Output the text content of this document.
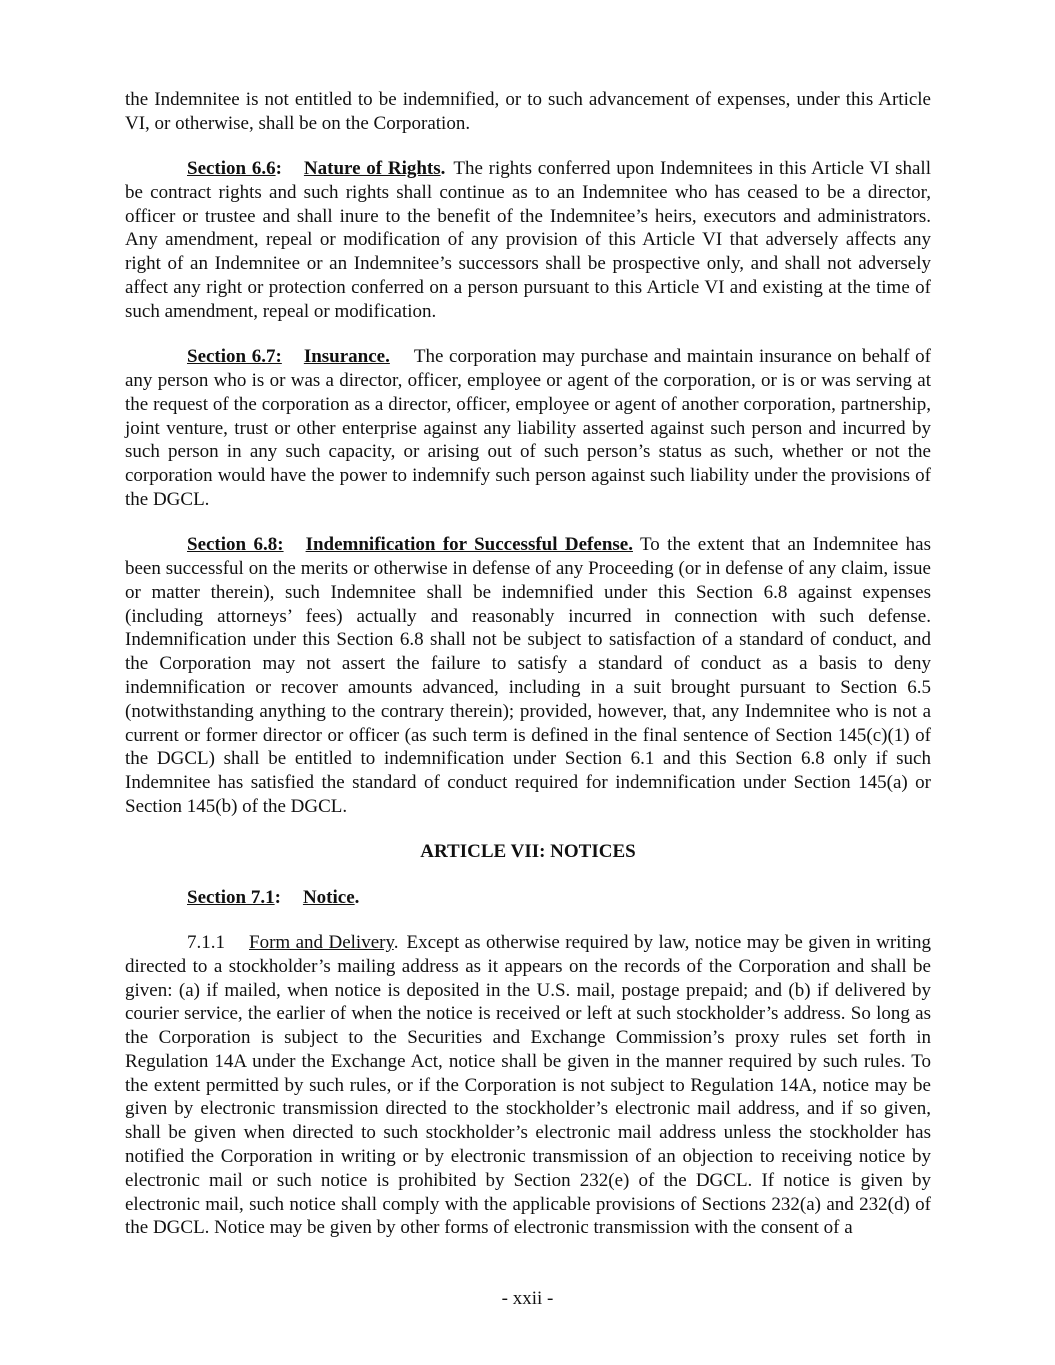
the Indemnitee is not entitled to be indemnified, or to such advancement of expenses, under this Article VI, or otherwise, shall be on the Corporation.

Section 6.6: Nature of Rights. The rights conferred upon Indemnitees in this Article VI shall be contract rights and such rights shall continue as to an Indemnitee who has ceased to be a director, officer or trustee and shall inure to the benefit of the Indemnitee’s heirs, executors and administrators. Any amendment, repeal or modification of any provision of this Article VI that adversely affects any right of an Indemnitee or an Indemnitee’s successors shall be prospective only, and shall not adversely affect any right or protection conferred on a person pursuant to this Article VI and existing at the time of such amendment, repeal or modification.

Section 6.7: Insurance. The corporation may purchase and maintain insurance on behalf of any person who is or was a director, officer, employee or agent of the corporation, or is or was serving at the request of the corporation as a director, officer, employee or agent of another corporation, partnership, joint venture, trust or other enterprise against any liability asserted against such person and incurred by such person in any such capacity, or arising out of such person’s status as such, whether or not the corporation would have the power to indemnify such person against such liability under the provisions of the DGCL.

Section 6.8: Indemnification for Successful Defense. To the extent that an Indemnitee has been successful on the merits or otherwise in defense of any Proceeding (or in defense of any claim, issue or matter therein), such Indemnitee shall be indemnified under this Section 6.8 against expenses (including attorneys’ fees) actually and reasonably incurred in connection with such defense. Indemnification under this Section 6.8 shall not be subject to satisfaction of a standard of conduct, and the Corporation may not assert the failure to satisfy a standard of conduct as a basis to deny indemnification or recover amounts advanced, including in a suit brought pursuant to Section 6.5 (notwithstanding anything to the contrary therein); provided, however, that, any Indemnitee who is not a current or former director or officer (as such term is defined in the final sentence of Section 145(c)(1) of the DGCL) shall be entitled to indemnification under Section 6.1 and this Section 6.8 only if such Indemnitee has satisfied the standard of conduct required for indemnification under Section 145(a) or Section 145(b) of the DGCL.

ARTICLE VII: NOTICES

Section 7.1: Notice.

7.1.1 Form and Delivery. Except as otherwise required by law, notice may be given in writing directed to a stockholder’s mailing address as it appears on the records of the Corporation and shall be given: (a) if mailed, when notice is deposited in the U.S. mail, postage prepaid; and (b) if delivered by courier service, the earlier of when the notice is received or left at such stockholder’s address. So long as the Corporation is subject to the Securities and Exchange Commission’s proxy rules set forth in Regulation 14A under the Exchange Act, notice shall be given in the manner required by such rules. To the extent permitted by such rules, or if the Corporation is not subject to Regulation 14A, notice may be given by electronic transmission directed to the stockholder’s electronic mail address, and if so given, shall be given when directed to such stockholder’s electronic mail address unless the stockholder has notified the Corporation in writing or by electronic transmission of an objection to receiving notice by electronic mail or such notice is prohibited by Section 232(e) of the DGCL. If notice is given by electronic mail, such notice shall comply with the applicable provisions of Sections 232(a) and 232(d) of the DGCL. Notice may be given by other forms of electronic transmission with the consent of a

- xxii -
